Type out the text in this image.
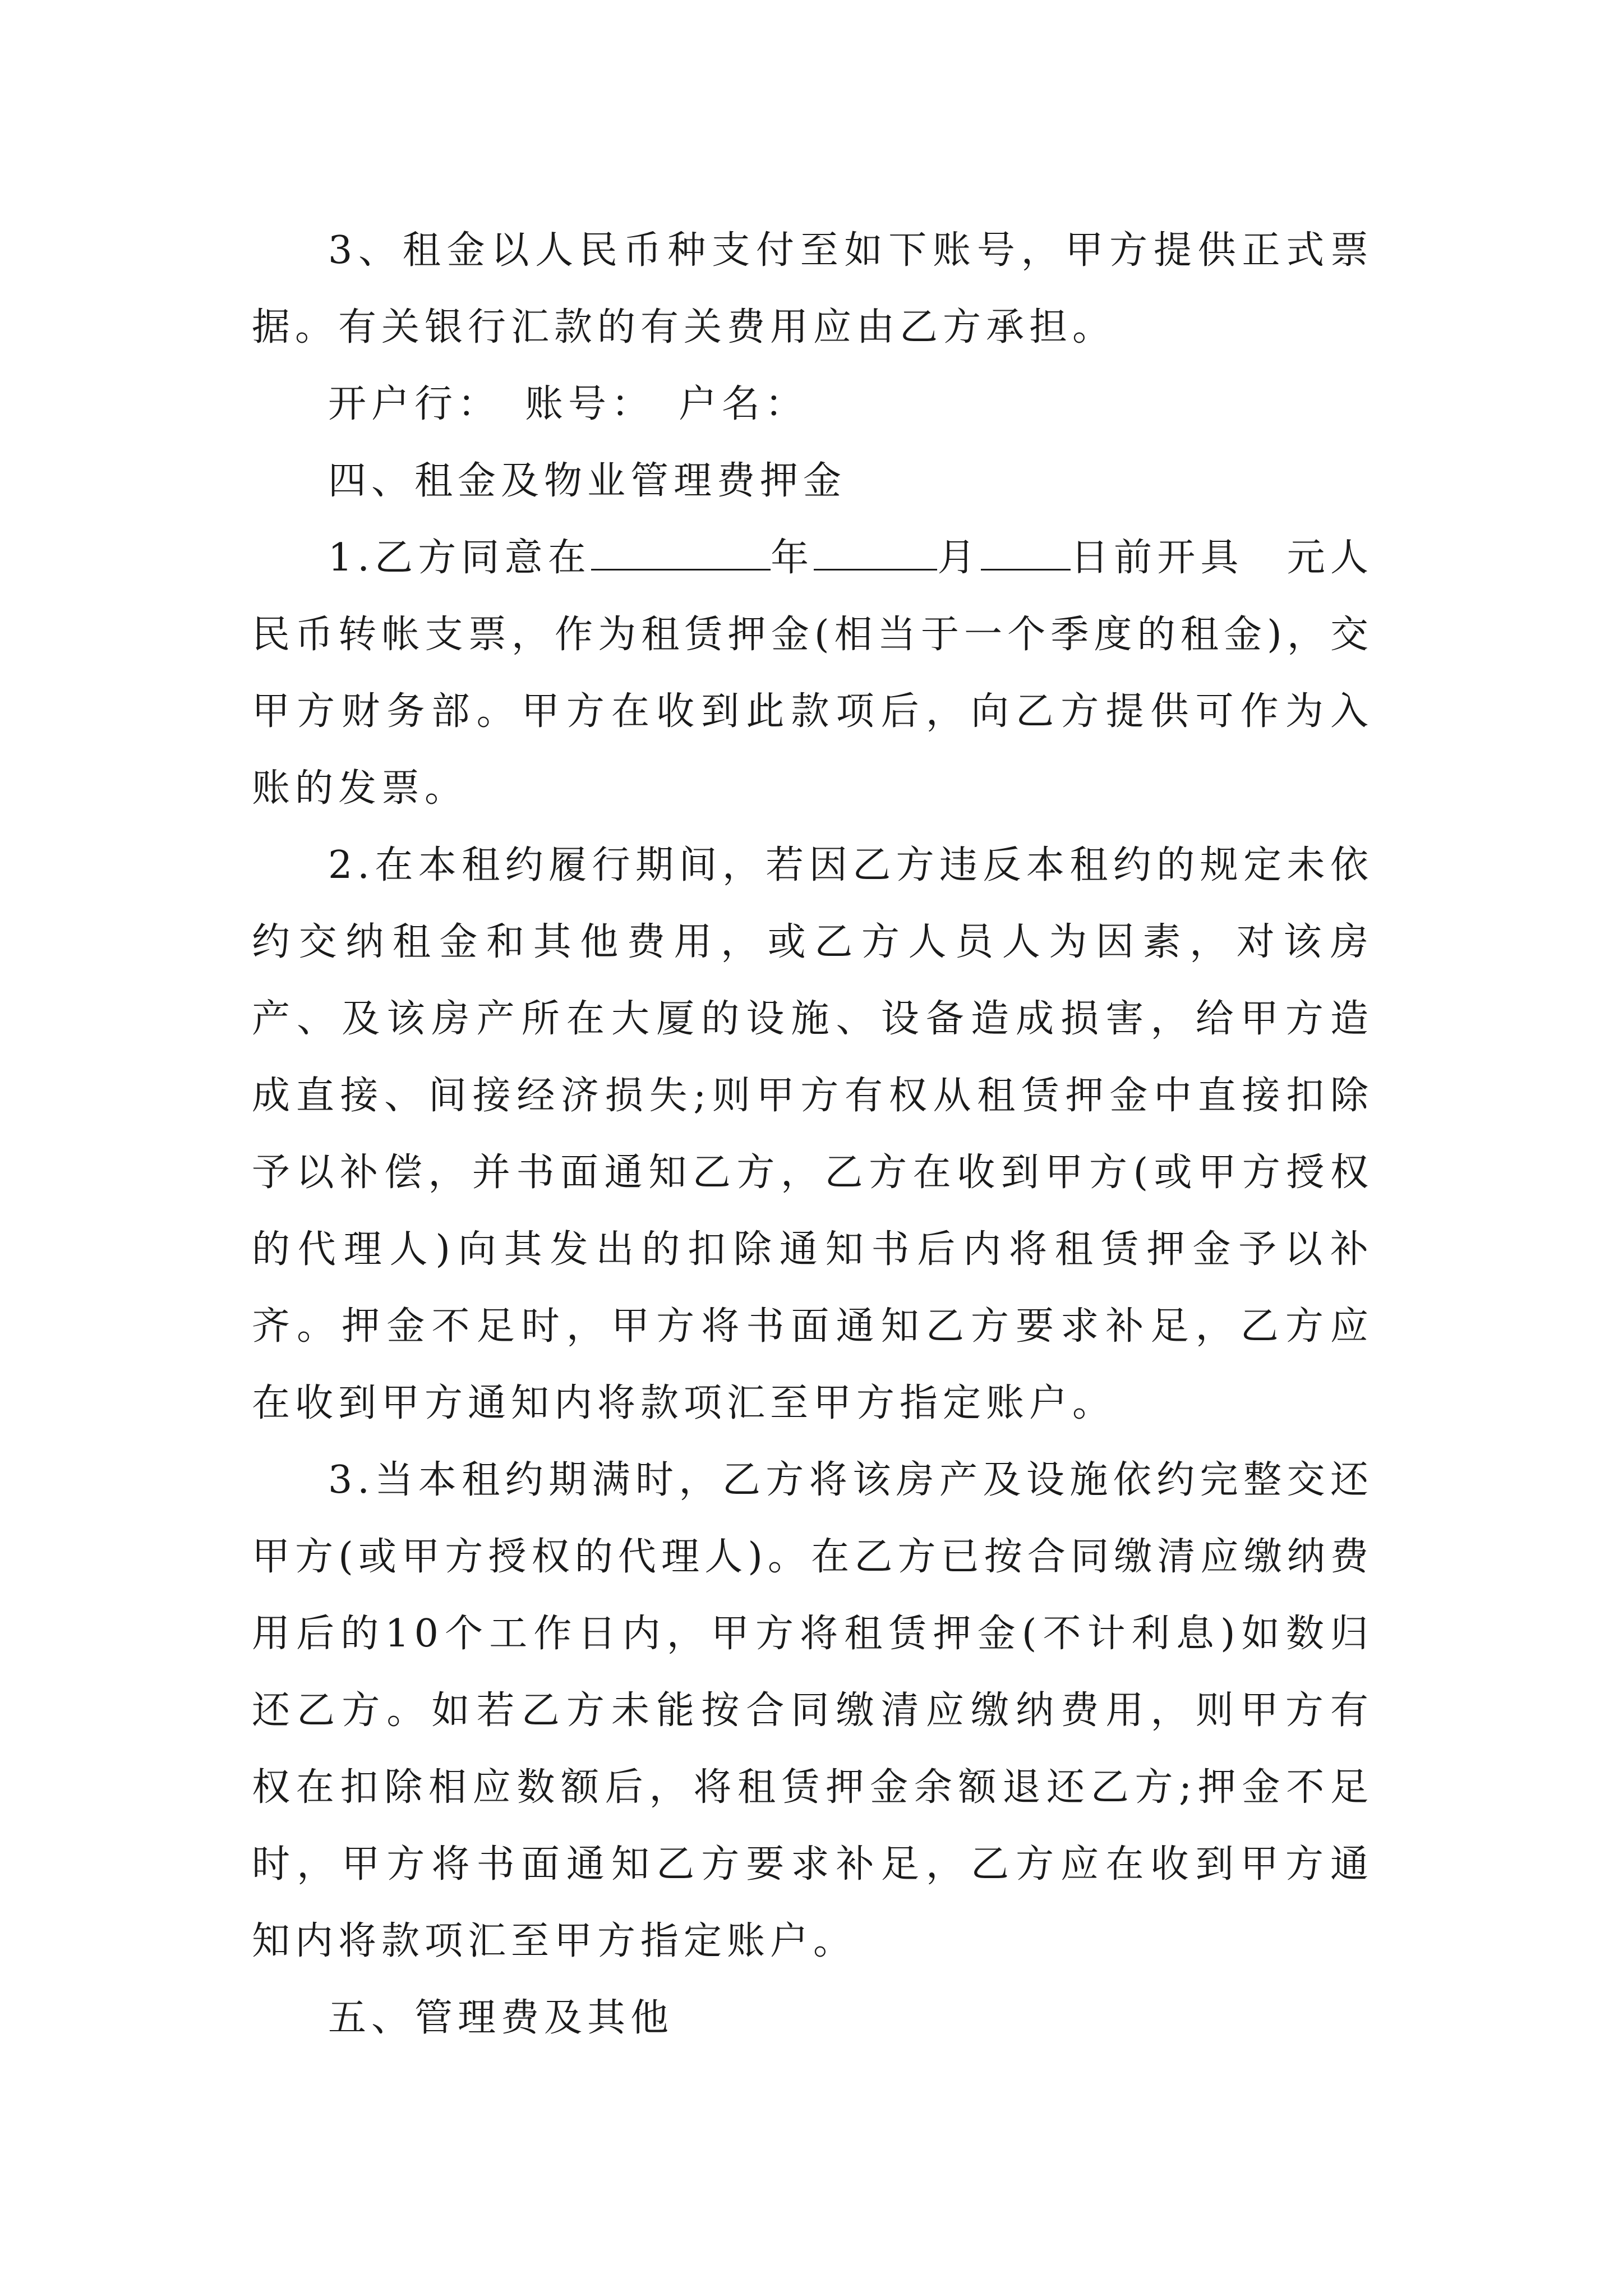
3、租金以人民币种支付至如下账号，甲方提供正式票据。有关银行汇款的有关费用应由乙方承担。

开户行：　账号：　户名：

四、租金及物业管理费押金

1.乙方同意在	年	月 日前开具　元人民币转帐支票，作为租赁押金(相当于一个季度的租金)，交甲方财务部。甲方在收到此款项后，向乙方提供可作为入账的发票。

2.在本租约履行期间，若因乙方违反本租约的规定未依约交纳租金和其他费用，或乙方人员人为因素，对该房产、及该房产所在大厦的设施、设备造成损害，给甲方造成直接、间接经济损失;则甲方有权从租赁押金中直接扣除予以补偿，并书面通知乙方，乙方在收到甲方(或甲方授权的代理人)向其发出的扣除通知书后内将租赁押金予以补齐。押金不足时，甲方将书面通知乙方要求补足，乙方应在收到甲方通知内将款项汇至甲方指定账户。

3.当本租约期满时，乙方将该房产及设施依约完整交还甲方(或甲方授权的代理人)。在乙方已按合同缴清应缴纳费用后的10个工作日内，甲方将租赁押金(不计利息)如数归还乙方。如若乙方未能按合同缴清应缴纳费用，则甲方有权在扣除相应数额后，将租赁押金余额退还乙方;押金不足时，甲方将书面通知乙方要求补足，乙方应在收到甲方通知内将款项汇至甲方指定账户。

五、管理费及其他
